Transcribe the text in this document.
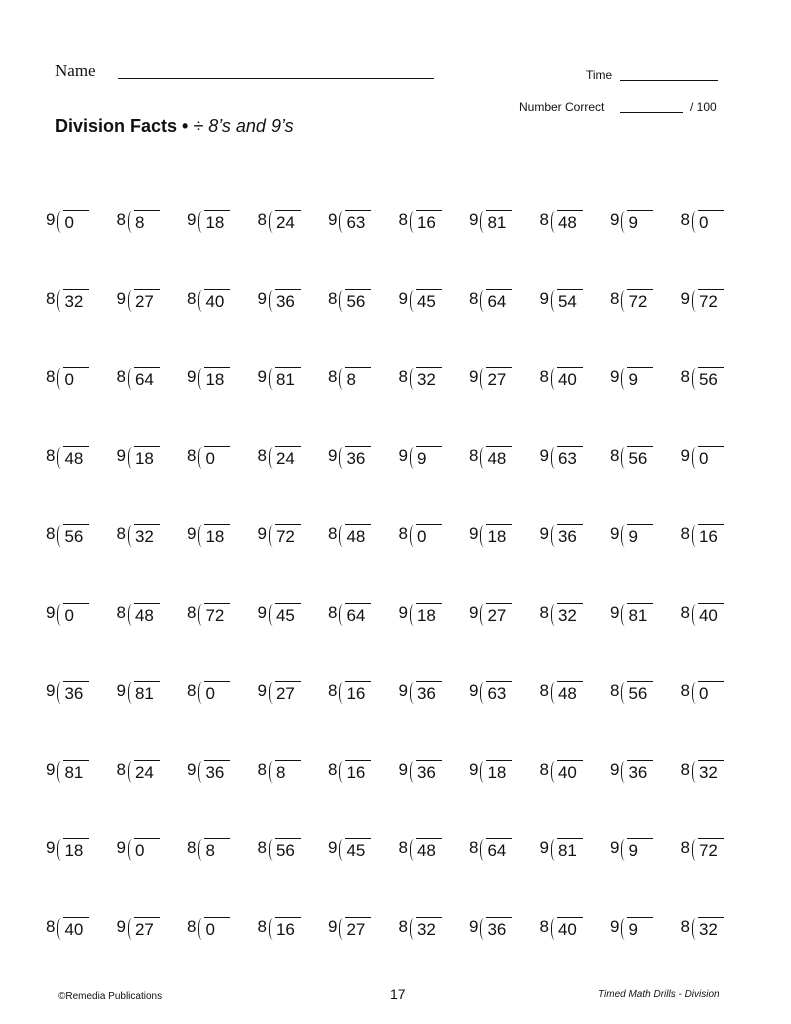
Name	Time
Number Correct	/ 100
Division Facts • ÷ 8’s and 9’s
9 0	8 8	9 18	8 24	9 63	8 16	9 81	8 48	9 9	8 0
8 32	9 27	8 40	9 36	8 56	9 45	8 64	9 54	8 72	9 72
8 0	8 64	9 18	9 81	8 8	8 32	9 27	8 40	9 9	8 56
8 48	9 18	8 0	8 24	9 36	9 9	8 48	9 63	8 56	9 0
8 56	8 32	9 18	9 72	8 48	8 0	9 18	9 36	9 9	8 16
9 0	8 48	8 72	9 45	8 64	9 18	9 27	8 32	9 81	8 40
9 36	9 81	8 0	9 27	8 16	9 36	9 63	8 48	8 56	8 0
9 81	8 24	9 36	8 8	8 16	9 36	9 18	8 40	9 36	8 32
9 18	9 0	8 8	8 56	9 45	8 48	8 64	9 81	9 9	8 72
8 40	9 27	8 0	8 16	9 27	8 32	9 36	8 40	9 9	8 32
©Remedia Publications	17	Timed Math Drills - Division
